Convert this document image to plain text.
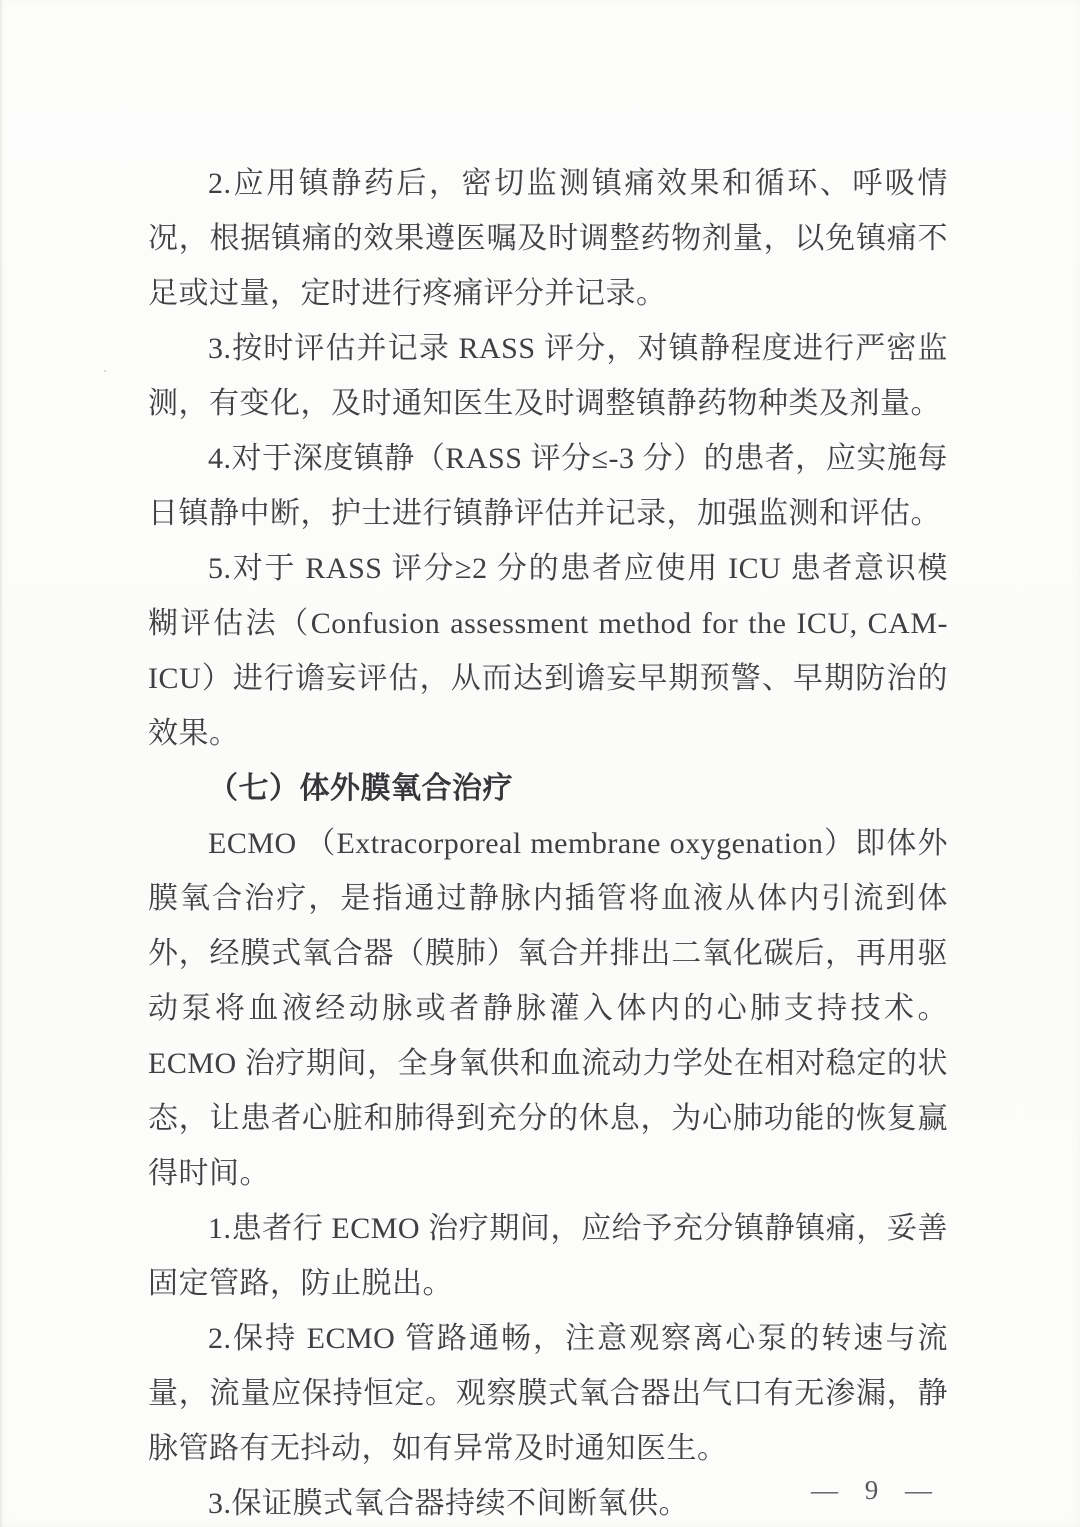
2.应用镇静药后，密切监测镇痛效果和循环、呼吸情况，根据镇痛的效果遵医嘱及时调整药物剂量，以免镇痛不足或过量，定时进行疼痛评分并记录。

3.按时评估并记录 RASS 评分，对镇静程度进行严密监测，有变化，及时通知医生及时调整镇静药物种类及剂量。

4.对于深度镇静（RASS 评分≤-3 分）的患者，应实施每日镇静中断，护士进行镇静评估并记录，加强监测和评估。

5.对于 RASS 评分≥2 分的患者应使用 ICU 患者意识模糊评估法（Confusion assessment method for the ICU, CAM-ICU）进行谵妄评估，从而达到谵妄早期预警、早期防治的效果。

（七）体外膜氧合治疗

ECMO （Extracorporeal membrane oxygenation）即体外膜氧合治疗，是指通过静脉内插管将血液从体内引流到体外，经膜式氧合器（膜肺）氧合并排出二氧化碳后，再用驱动泵将血液经动脉或者静脉灌入体内的心肺支持技术。ECMO 治疗期间，全身氧供和血流动力学处在相对稳定的状态，让患者心脏和肺得到充分的休息，为心肺功能的恢复赢得时间。

1.患者行 ECMO 治疗期间，应给予充分镇静镇痛，妥善固定管路，防止脱出。

2.保持 ECMO 管路通畅，注意观察离心泵的转速与流量，流量应保持恒定。观察膜式氧合器出气口有无渗漏，静脉管路有无抖动，如有异常及时通知医生。

3.保证膜式氧合器持续不间断氧供。	— 9 —
